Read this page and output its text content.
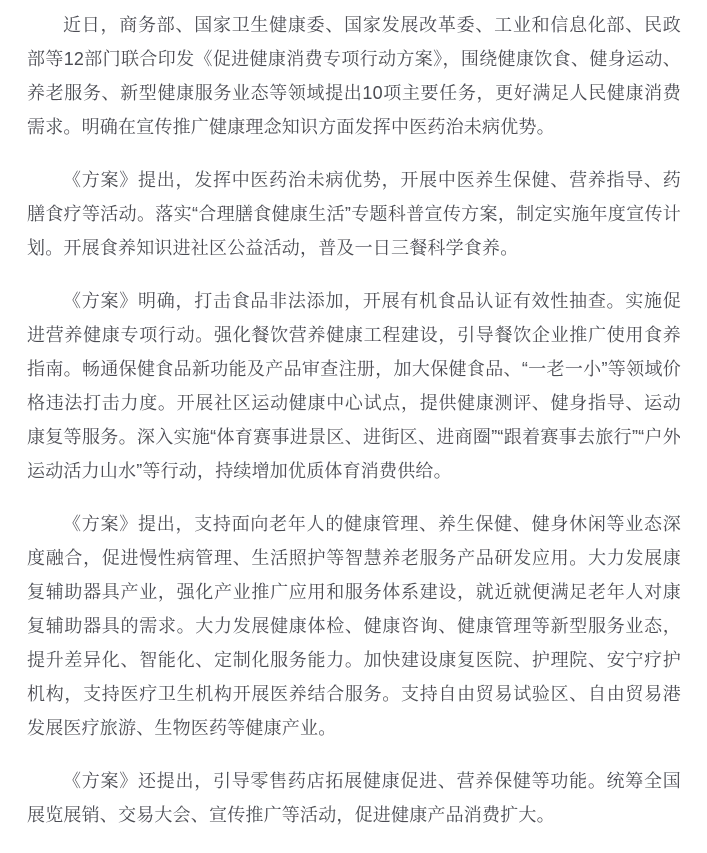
近日，商务部、国家卫生健康委、国家发展改革委、工业和信息化部、民政部等12部门联合印发《促进健康消费专项行动方案》，围绕健康饮食、健身运动、养老服务、新型健康服务业态等领域提出10项主要任务，更好满足人民健康消费需求。明确在宣传推广健康理念知识方面发挥中医药治未病优势。

《方案》提出，发挥中医药治未病优势，开展中医养生保健、营养指导、药膳食疗等活动。落实“合理膳食健康生活”专题科普宣传方案，制定实施年度宣传计划。开展食养知识进社区公益活动，普及一日三餐科学食养。

《方案》明确，打击食品非法添加，开展有机食品认证有效性抽查。实施促进营养健康专项行动。强化餐饮营养健康工程建设，引导餐饮企业推广使用食养指南。畅通保健食品新功能及产品审查注册，加大保健食品、“一老一小”等领域价格违法打击力度。开展社区运动健康中心试点，提供健康测评、健身指导、运动康复等服务。深入实施“体育赛事进景区、进街区、进商圈”“跟着赛事去旅行”“户外运动活力山水”等行动，持续增加优质体育消费供给。

《方案》提出，支持面向老年人的健康管理、养生保健、健身休闲等业态深度融合，促进慢性病管理、生活照护等智慧养老服务产品研发应用。大力发展康复辅助器具产业，强化产业推广应用和服务体系建设，就近就便满足老年人对康复辅助器具的需求。大力发展健康体检、健康咨询、健康管理等新型服务业态，提升差异化、智能化、定制化服务能力。加快建设康复医院、护理院、安宁疗护机构，支持医疗卫生机构开展医养结合服务。支持自由贸易试验区、自由贸易港发展医疗旅游、生物医药等健康产业。

《方案》还提出，引导零售药店拓展健康促进、营养保健等功能。统筹全国展览展销、交易大会、宣传推广等活动，促进健康产品消费扩大。
